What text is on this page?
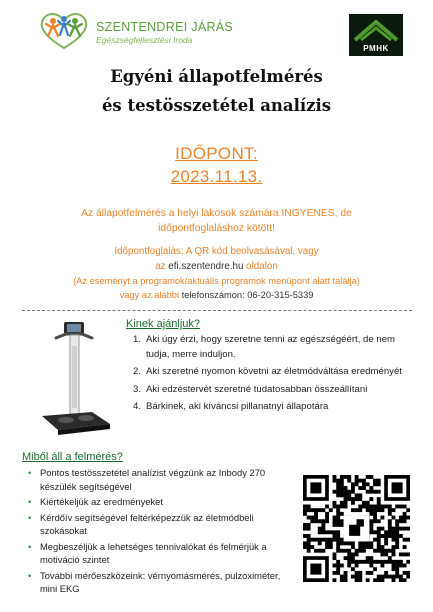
SZENTENDREI JÁRÁS
Egészségfejlesztési Iroda
PMHK
Egyéni állapotfelmérés
és testösszetétel analízis
IDŐPONT:
2023.11.13.
Az állapotfelmérés a helyi lakosok számára INGYENES, de időpontfoglaláshoz kötött!
Időpontfoglalás: A QR kód beolvasásával, vagy
az efi.szentendre.hu oldalon
(Az eseményt a programok/aktuális programok menüpont alatt találja)
vagy az alábbi telefonszámon: 06-20-315-5339
Kinek ajánljuk?
1. Aki úgy érzi, hogy szeretne tenni az egészségéért, de nem tudja, merre induljon.
2. Aki szeretné nyomon követni az életmódváltása eredményét
3. Aki edzéstervét szeretné tudatosabban összeállítani
4. Bárkinek, aki kíváncsi pillanatnyi állapotára
Miből áll a felmérés?
• Pontos testösszetétel analízist végzünk az Inbody 270 készülék segítségével
• Kiértékeljük az eredményeket
• Kérdőív segítségével feltérképezzük az életmódbeli szokásokat
• Megbeszéljük a lehetséges tennivalókat és felmérjük a motiváció szintet
• További mérőeszközeink: vérnyomásmérés, pulzoximéter, mini EKG
